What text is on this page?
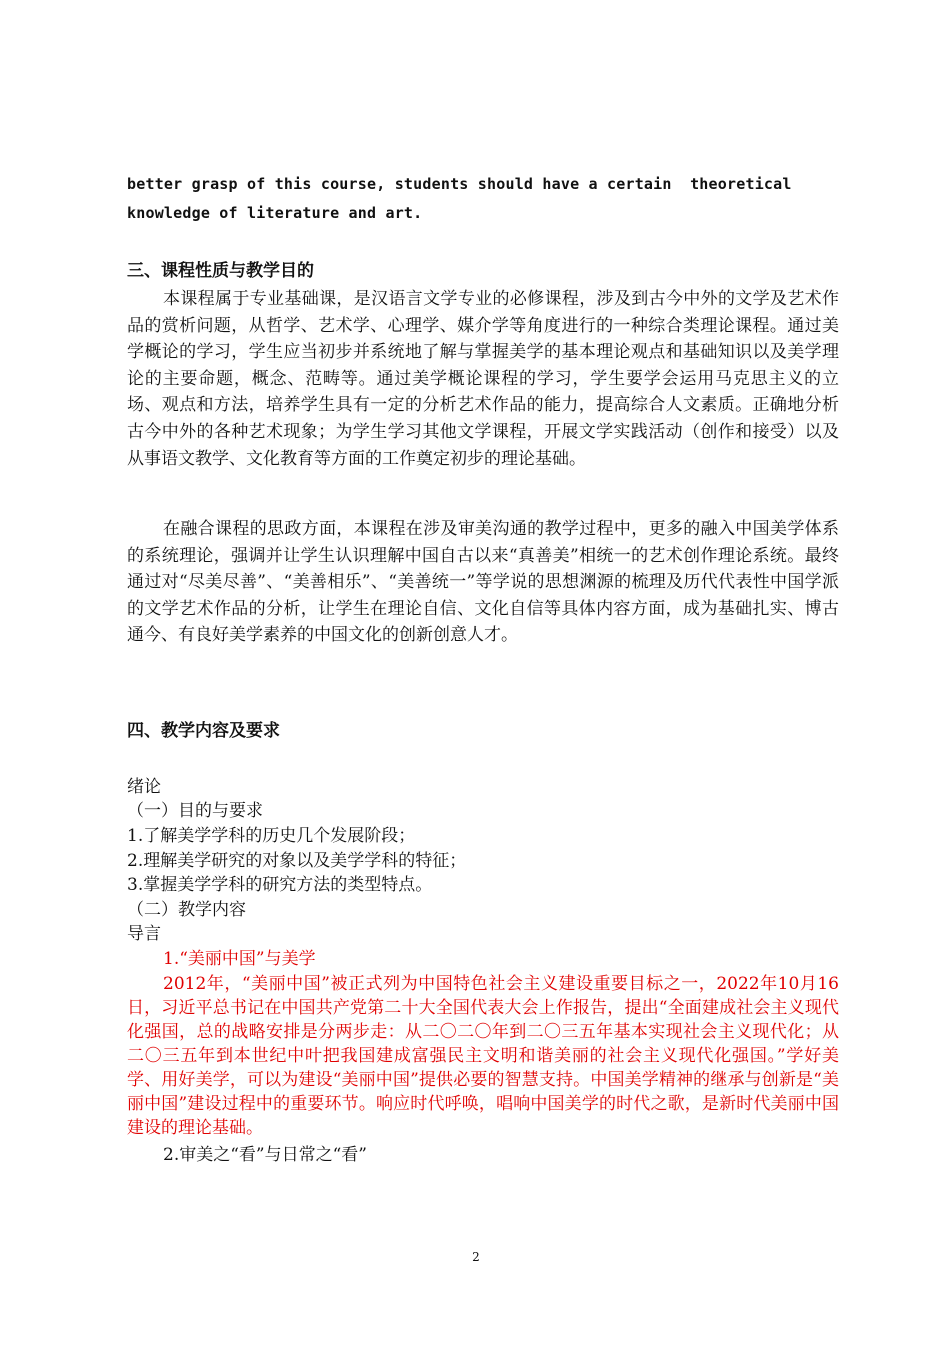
better grasp of this course, students should have a certain  theoretical
knowledge of literature and art.
三、课程性质与教学目的

本课程属于专业基础课，是汉语言文学专业的必修课程，涉及到古今中外的文学及艺术作品的赏析问题，从哲学、艺术学、心理学、媒介学等角度进行的一种综合类理论课程。通过美学概论的学习，学生应当初步并系统地了解与掌握美学的基本理论观点和基础知识以及美学理论的主要命题，概念、范畴等。通过美学概论课程的学习，学生要学会运用马克思主义的立场、观点和方法，培养学生具有一定的分析艺术作品的能力，提高综合人文素质。正确地分析古今中外的各种艺术现象；为学生学习其他文学课程，开展文学实践活动（创作和接受）以及从事语文教学、文化教育等方面的工作奠定初步的理论基础。

在融合课程的思政方面，本课程在涉及审美沟通的教学过程中，更多的融入中国美学体系的系统理论，强调并让学生认识理解中国自古以来“真善美”相统一的艺术创作理论系统。最终通过对“尽美尽善”、“美善相乐”、“美善统一”等学说的思想渊源的梳理及历代代表性中国学派的文学艺术作品的分析，让学生在理论自信、文化自信等具体内容方面，成为基础扎实、博古通今、有良好美学素养的中国文化的创新创意人才。

四、教学内容及要求
绪论
（一）目的与要求
1.了解美学学科的历史几个发展阶段；
2.理解美学研究的对象以及美学学科的特征；
3.掌握美学学科的研究方法的类型特点。
（二）教学内容
导言
1.“美丽中国”与美学

2012年，“美丽中国”被正式列为中国特色社会主义建设重要目标之一，2022年10月16日，习近平总书记在中国共产党第二十大全国代表大会上作报告，提出“全面建成社会主义现代化强国，总的战略安排是分两步走：从二〇二〇年到二〇三五年基本实现社会主义现代化；从二〇三五年到本世纪中叶把我国建成富强民主文明和谐美丽的社会主义现代化强国。”学好美学、用好美学，可以为建设“美丽中国”提供必要的智慧支持。中国美学精神的继承与创新是“美丽中国”建设过程中的重要环节。响应时代呼唤，唱响中国美学的时代之歌，是新时代美丽中国建设的理论基础。

2.审美之“看”与日常之“看”
2
